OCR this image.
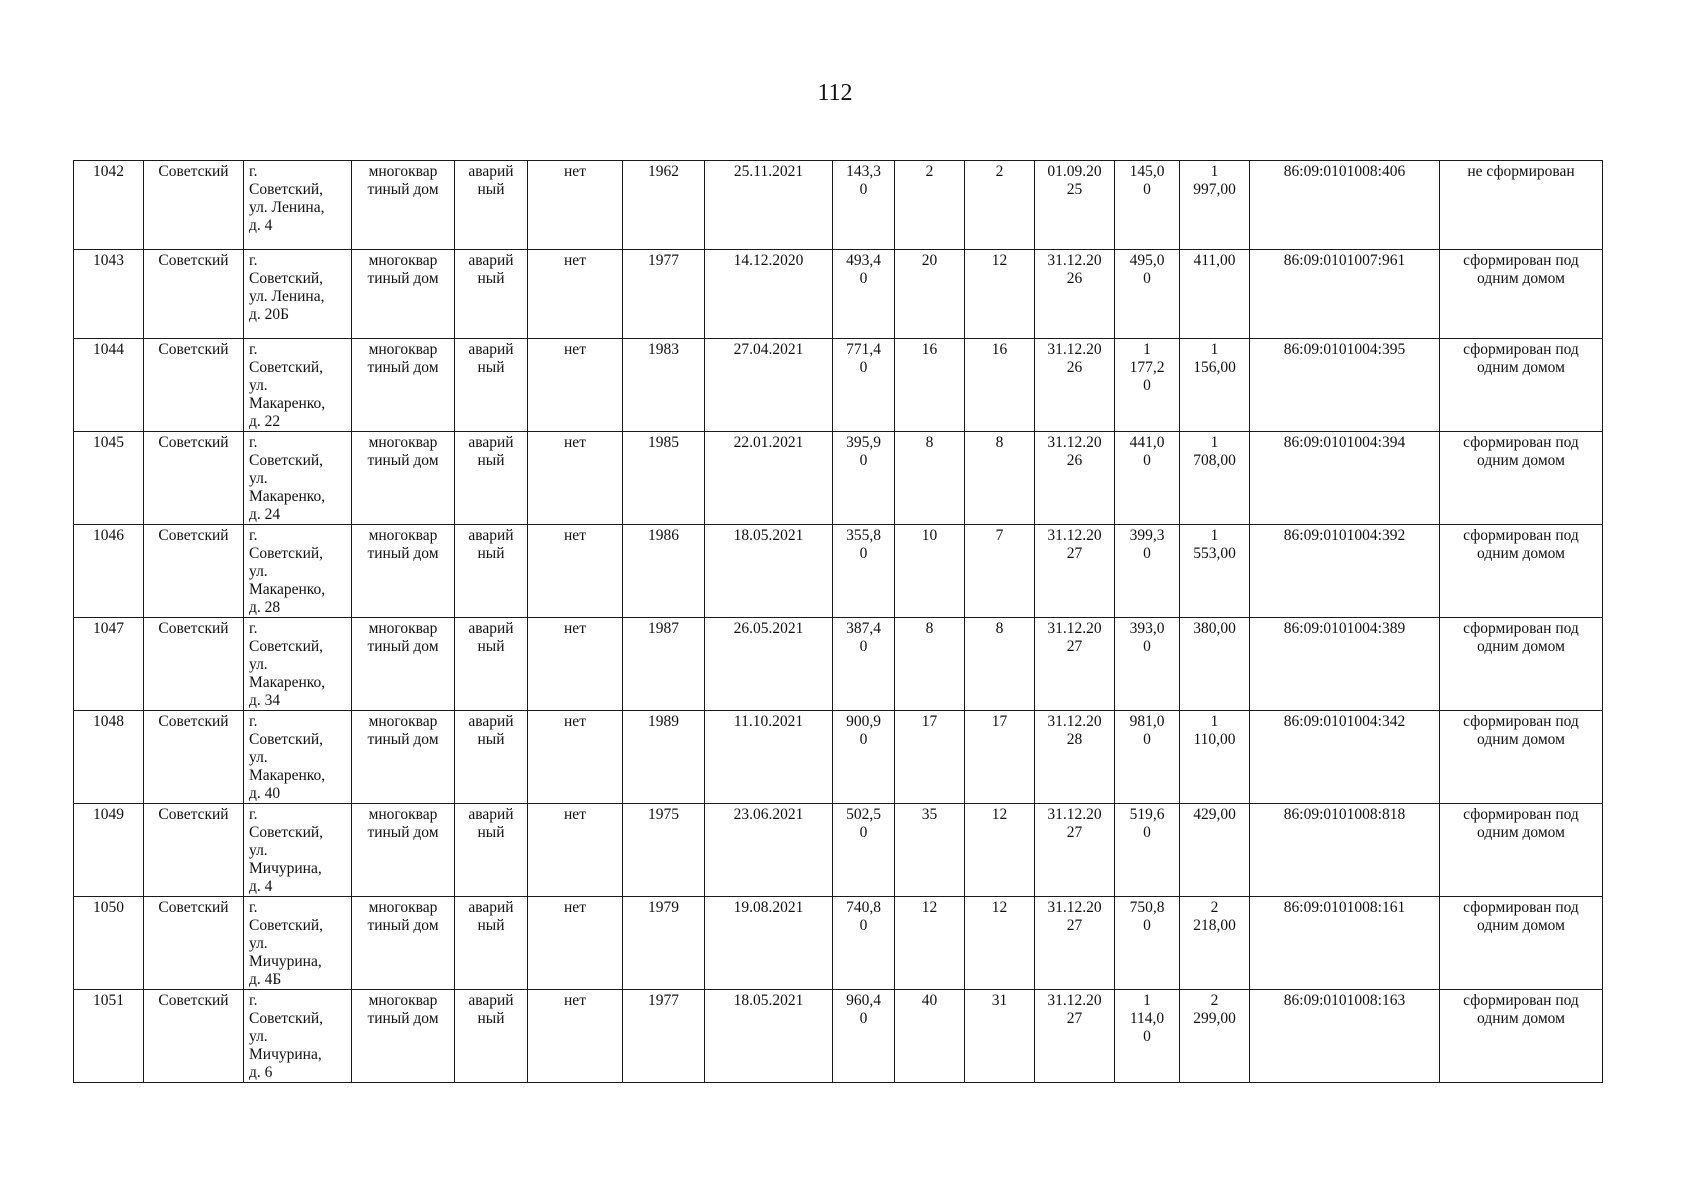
112
1042	Советский	г.
Советский,
ул. Ленина,
д. 4	многоквар
тиный дом	аварий
ный	нет	1962	25.11.2021	143,3
0	2	2	01.09.20
25	145,0
0	1
997,00	86:09:0101008:406	не сформирован
1043	Советский	г.
Советский,
ул. Ленина,
д. 20Б	многоквар
тиный дом	аварий
ный	нет	1977	14.12.2020	493,4
0	20	12	31.12.20
26	495,0
0	411,00	86:09:0101007:961	сформирован под
одним домом
1044	Советский	г.
Советский,
ул.
Макаренко,
д. 22	многоквар
тиный дом	аварий
ный	нет	1983	27.04.2021	771,4
0	16	16	31.12.20
26	1
177,2
0	1
156,00	86:09:0101004:395	сформирован под
одним домом
1045	Советский	г.
Советский,
ул.
Макаренко,
д. 24	многоквар
тиный дом	аварий
ный	нет	1985	22.01.2021	395,9
0	8	8	31.12.20
26	441,0
0	1
708,00	86:09:0101004:394	сформирован под
одним домом
1046	Советский	г.
Советский,
ул.
Макаренко,
д. 28	многоквар
тиный дом	аварий
ный	нет	1986	18.05.2021	355,8
0	10	7	31.12.20
27	399,3
0	1
553,00	86:09:0101004:392	сформирован под
одним домом
1047	Советский	г.
Советский,
ул.
Макаренко,
д. 34	многоквар
тиный дом	аварий
ный	нет	1987	26.05.2021	387,4
0	8	8	31.12.20
27	393,0
0	380,00	86:09:0101004:389	сформирован под
одним домом
1048	Советский	г.
Советский,
ул.
Макаренко,
д. 40	многоквар
тиный дом	аварий
ный	нет	1989	11.10.2021	900,9
0	17	17	31.12.20
28	981,0
0	1
110,00	86:09:0101004:342	сформирован под
одним домом
1049	Советский	г.
Советский,
ул.
Мичурина,
д. 4	многоквар
тиный дом	аварий
ный	нет	1975	23.06.2021	502,5
0	35	12	31.12.20
27	519,6
0	429,00	86:09:0101008:818	сформирован под
одним домом
1050	Советский	г.
Советский,
ул.
Мичурина,
д. 4Б	многоквар
тиный дом	аварий
ный	нет	1979	19.08.2021	740,8
0	12	12	31.12.20
27	750,8
0	2
218,00	86:09:0101008:161	сформирован под
одним домом
1051	Советский	г.
Советский,
ул.
Мичурина,
д. 6	многоквар
тиный дом	аварий
ный	нет	1977	18.05.2021	960,4
0	40	31	31.12.20
27	1
114,0
0	2
299,00	86:09:0101008:163	сформирован под
одним домом
